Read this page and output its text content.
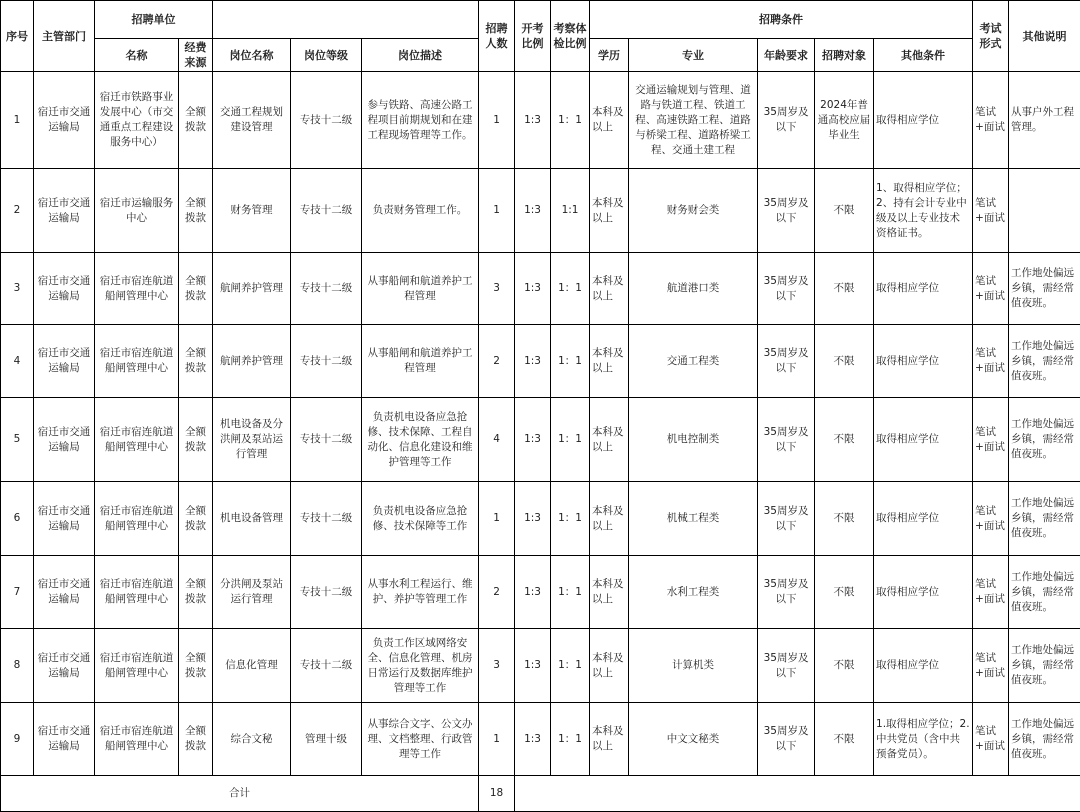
序号	主管部门	招聘单位					招聘人数	开考比例	考察体检比例	招聘条件					考试形式	其他说明
		名称	经费来源	岗位名称	岗位等级	岗位描述				学历	专业	年龄要求	招聘对象	其他条件		
1	宿迁市交通运输局	宿迁市铁路事业发展中心（市交通重点工程建设服务中心）	全额拨款	交通工程规划建设管理	专技十二级	参与铁路、高速公路工程项目前期规划和在建工程现场管理等工作。	1	1:3	1：1	本科及以上	交通运输规划与管理、道路与铁道工程、铁道工程、高速铁路工程、道路与桥梁工程、道路桥梁工程、交通土建工程	35周岁及以下	2024年普通高校应届毕业生	取得相应学位	笔试+面试	从事户外工程管理。
2	宿迁市交通运输局	宿迁市运输服务中心	全额拨款	财务管理	专技十二级	负责财务管理工作。	1	1:3	1:1	本科及以上	财务财会类	35周岁及以下	不限	1、取得相应学位；2、持有会计专业中级及以上专业技术资格证书。	笔试+面试	
3	宿迁市交通运输局	宿迁市宿连航道船闸管理中心	全额拨款	航闸养护管理	专技十二级	从事船闸和航道养护工程管理	3	1:3	1：1	本科及以上	航道港口类	35周岁及以下	不限	取得相应学位	笔试+面试	工作地处偏远乡镇，需经常值夜班。
4	宿迁市交通运输局	宿迁市宿连航道船闸管理中心	全额拨款	航闸养护管理	专技十二级	从事船闸和航道养护工程管理	2	1:3	1：1	本科及以上	交通工程类	35周岁及以下	不限	取得相应学位	笔试+面试	工作地处偏远乡镇，需经常值夜班。
5	宿迁市交通运输局	宿迁市宿连航道船闸管理中心	全额拨款	机电设备及分洪闸及泵站运行管理	专技十二级	负责机电设备应急抢修、技术保障、工程自动化、信息化建设和维护管理等工作	4	1:3	1：1	本科及以上	机电控制类	35周岁及以下	不限	取得相应学位	笔试+面试	工作地处偏远乡镇，需经常值夜班。
6	宿迁市交通运输局	宿迁市宿连航道船闸管理中心	全额拨款	机电设备管理	专技十二级	负责机电设备应急抢修、技术保障等工作	1	1:3	1：1	本科及以上	机械工程类	35周岁及以下	不限	取得相应学位	笔试+面试	工作地处偏远乡镇，需经常值夜班。
7	宿迁市交通运输局	宿迁市宿连航道船闸管理中心	全额拨款	分洪闸及泵站运行管理	专技十二级	从事水利工程运行、维护、养护等管理工作	2	1:3	1：1	本科及以上	水利工程类	35周岁及以下	不限	取得相应学位	笔试+面试	工作地处偏远乡镇，需经常值夜班。
8	宿迁市交通运输局	宿迁市宿连航道船闸管理中心	全额拨款	信息化管理	专技十二级	负责工作区域网络安全、信息化管理、机房日常运行及数据库维护管理等工作	3	1:3	1：1	本科及以上	计算机类	35周岁及以下	不限	取得相应学位	笔试+面试	工作地处偏远乡镇，需经常值夜班。
9	宿迁市交通运输局	宿迁市宿连航道船闸管理中心	全额拨款	综合文秘	管理十级	从事综合文字、公文办理、文档整理、行政管理等工作	1	1:3	1：1	本科及以上	中文文秘类	35周岁及以下	不限	1.取得相应学位；2.中共党员（含中共预备党员）。	笔试+面试	工作地处偏远乡镇，需经常值夜班。
合计							18									
